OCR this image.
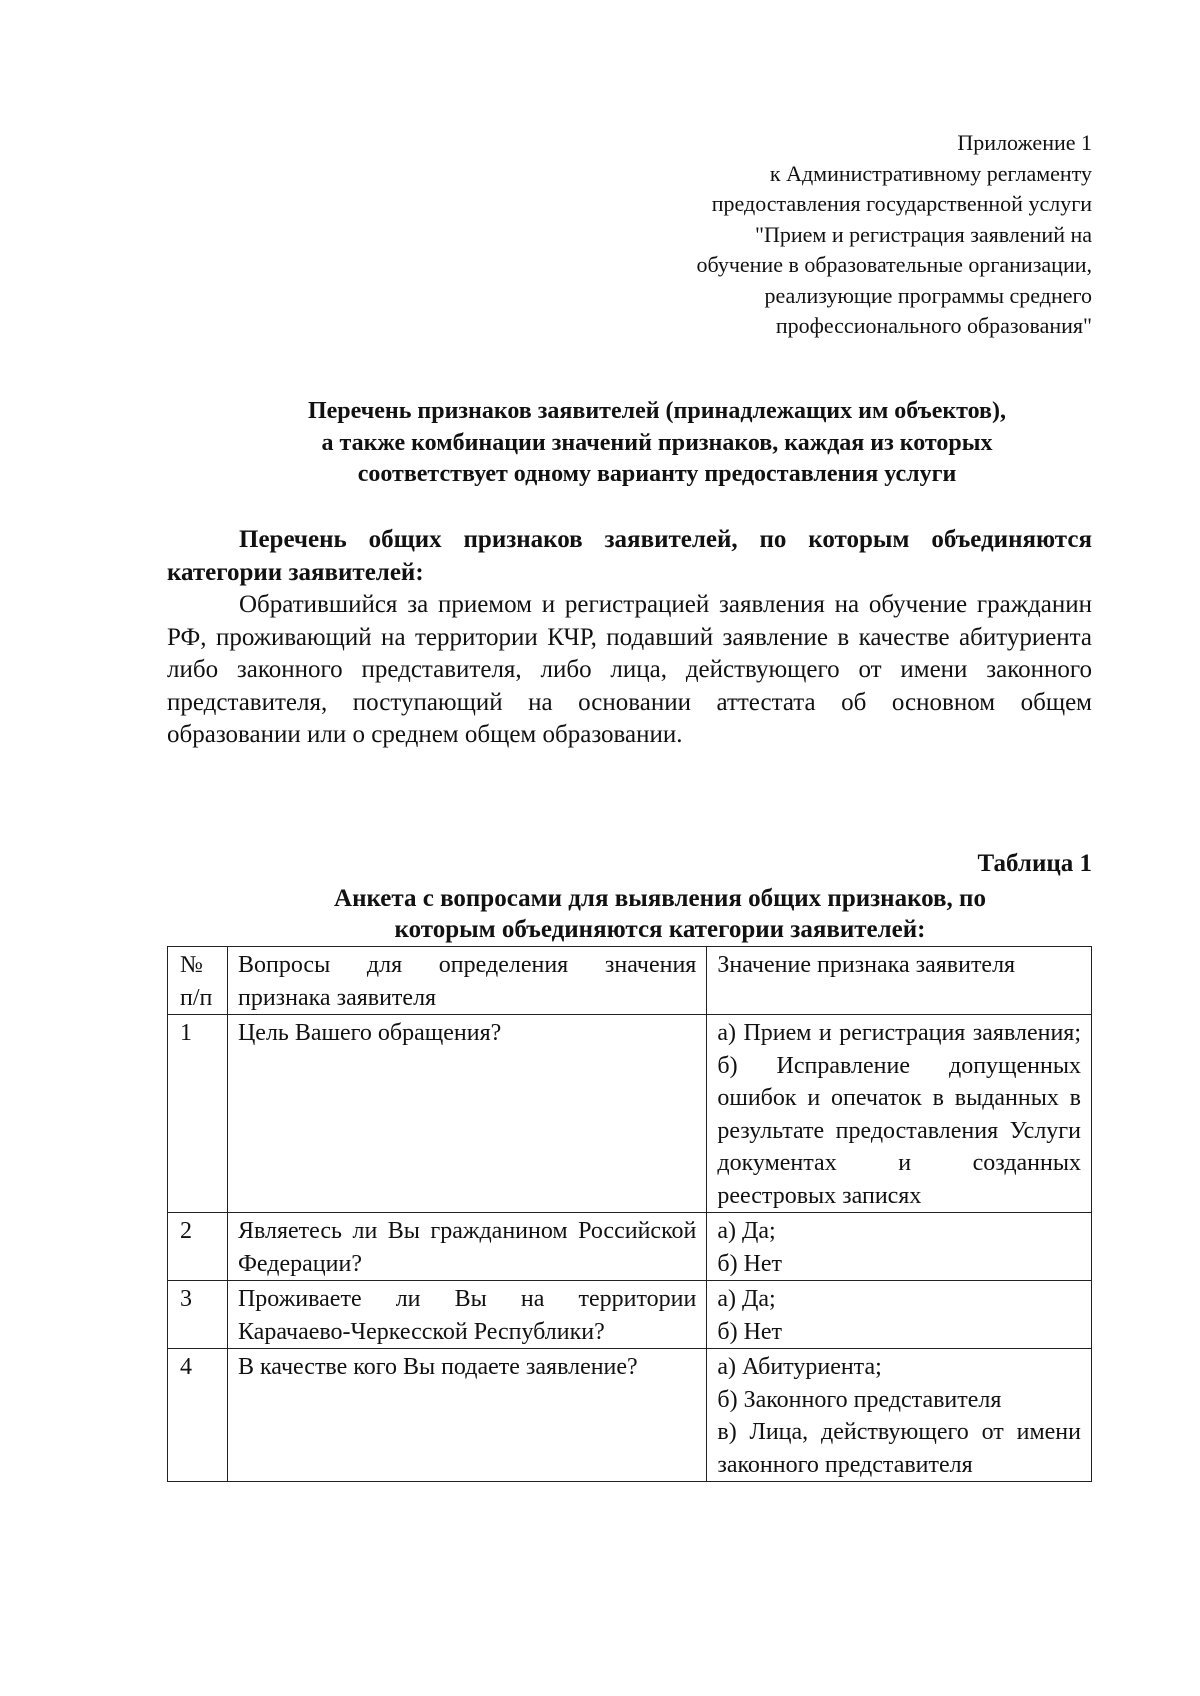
Приложение 1
к Административному регламенту
предоставления государственной услуги
"Прием и регистрация заявлений на
обучение в образовательные организации,
реализующие программы среднего
профессионального образования"
Перечень признаков заявителей (принадлежащих им объектов),
а также комбинации значений признаков, каждая из которых
соответствует одному варианту предоставления услуги
Перечень общих признаков заявителей, по которым объединяются категории заявителей:
Обратившийся за приемом и регистрацией заявления на обучение гражданин РФ, проживающий на территории КЧР, подавший заявление в качестве абитуриента либо законного представителя, либо лица, действующего от имени законного представителя, поступающий на основании аттестата об основном общем образовании или о среднем общем образовании.
Таблица 1
Анкета с вопросами для выявления общих признаков, по
которым объединяются категории заявителей:
№ п/п	Вопросы для определения значения признака заявителя	Значение признака заявителя
1	Цель Вашего обращения?	а) Прием и регистрация заявления;
б) Исправление допущенных ошибок и опечаток в выданных в результате предоставления Услуги документах и созданных реестровых записях

2	Являетесь ли Вы гражданином Российской Федерации?	а) Да;
б) Нет

3	Проживаете ли Вы на территории Карачаево-Черкесской Республики?	а) Да;
б) Нет

4	В качестве кого Вы подаете заявление?	а) Абитуриента;
б) Законного представителя
в) Лица, действующего от имени законного представителя
